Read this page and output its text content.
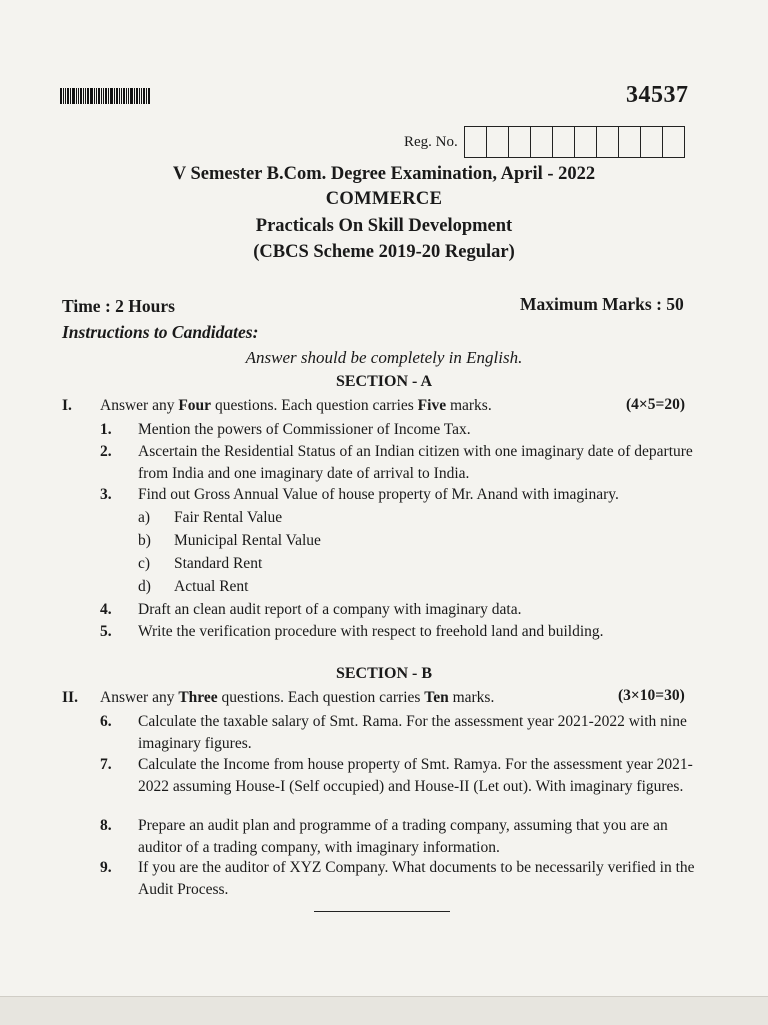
34537
Reg. No.
V Semester B.Com. Degree Examination, April - 2022
COMMERCE
Practicals On Skill Development
(CBCS Scheme 2019-20 Regular)
Time : 2 Hours	Maximum Marks : 50
Instructions to Candidates:
Answer should be completely in English.
SECTION - A
I. Answer any Four questions. Each question carries Five marks.	(4×5=20)
1. Mention the powers of Commissioner of Income Tax.
2. Ascertain the Residential Status of an Indian citizen with one imaginary date of departure from India and one imaginary date of arrival to India.
3. Find out Gross Annual Value of house property of Mr. Anand with imaginary.
a) Fair Rental Value
b) Municipal Rental Value
c) Standard Rent
d) Actual Rent
4. Draft an clean audit report of a company with imaginary data.
5. Write the verification procedure with respect to freehold land and building.
SECTION - B
II. Answer any Three questions. Each question carries Ten marks.	(3×10=30)
6. Calculate the taxable salary of Smt. Rama. For the assessment year 2021-2022 with nine imaginary figures.
7. Calculate the Income from house property of Smt. Ramya. For the assessment year 2021-2022 assuming House-I (Self occupied) and House-II (Let out). With imaginary figures.
8. Prepare an audit plan and programme of a trading company, assuming that you are an auditor of a trading company, with imaginary information.
9. If you are the auditor of XYZ Company. What documents to be necessarily verified in the Audit Process.
